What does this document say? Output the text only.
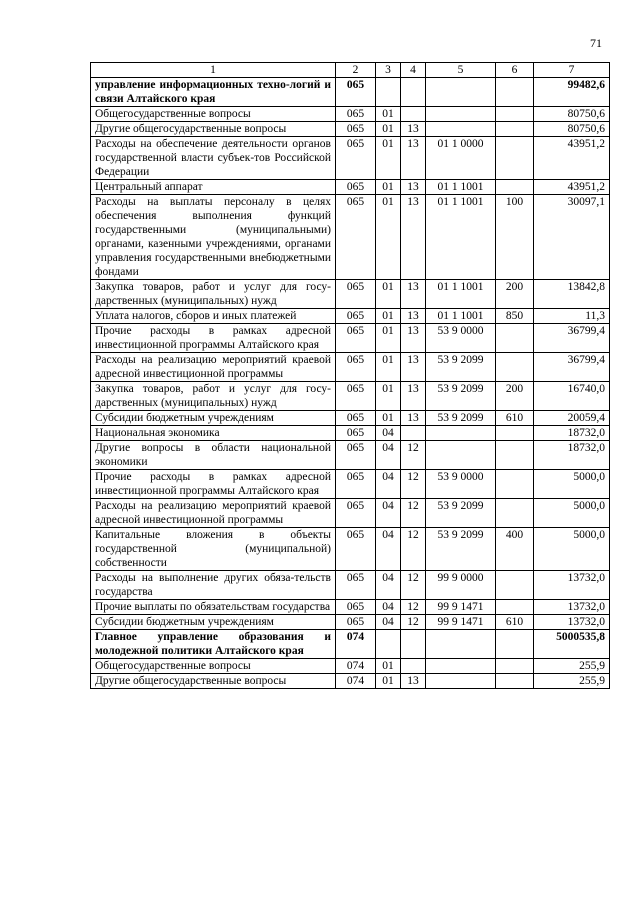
71
1	2	3	4	5	6	7
управление информационных техно-логий и связи Алтайского края	065					99482,6
Общегосударственные вопросы	065	01				80750,6
Другие общегосударственные вопросы	065	01	13			80750,6
Расходы на обеспечение деятельности органов государственной власти субъек-тов Российской Федерации	065	01	13	01 1 0000		43951,2
Центральный аппарат	065	01	13	01 1 1001		43951,2
Расходы на выплаты персоналу в целях обеспечения выполнения функций государственными (муниципальными) органами, казенными учреждениями, органами управления государственными внебюджетными фондами	065	01	13	01 1 1001	100	30097,1
Закупка товаров, работ и услуг для госу-дарственных (муниципальных) нужд	065	01	13	01 1 1001	200	13842,8
Уплата налогов, сборов и иных платежей	065	01	13	01 1 1001	850	11,3
Прочие расходы в рамках адресной инвестиционной программы Алтайского края	065	01	13	53 9 0000		36799,4
Расходы на реализацию мероприятий краевой адресной инвестиционной программы	065	01	13	53 9 2099		36799,4
Закупка товаров, работ и услуг для госу-дарственных (муниципальных) нужд	065	01	13	53 9 2099	200	16740,0
Субсидии бюджетным учреждениям	065	01	13	53 9 2099	610	20059,4
Национальная экономика	065	04				18732,0
Другие вопросы в области национальной экономики	065	04	12			18732,0
Прочие расходы в рамках адресной инвестиционной программы Алтайского края	065	04	12	53 9 0000		5000,0
Расходы на реализацию мероприятий краевой адресной инвестиционной программы	065	04	12	53 9 2099		5000,0
Капитальные вложения в объекты государственной (муниципальной) собственности	065	04	12	53 9 2099	400	5000,0
Расходы на выполнение других обяза-тельств государства	065	04	12	99 9 0000		13732,0
Прочие выплаты по обязательствам государства	065	04	12	99 9 1471		13732,0
Субсидии бюджетным учреждениям	065	04	12	99 9 1471	610	13732,0
Главное управление образования и молодежной политики Алтайского края	074					5000535,8
Общегосударственные вопросы	074	01				255,9
Другие общегосударственные вопросы	074	01	13			255,9
